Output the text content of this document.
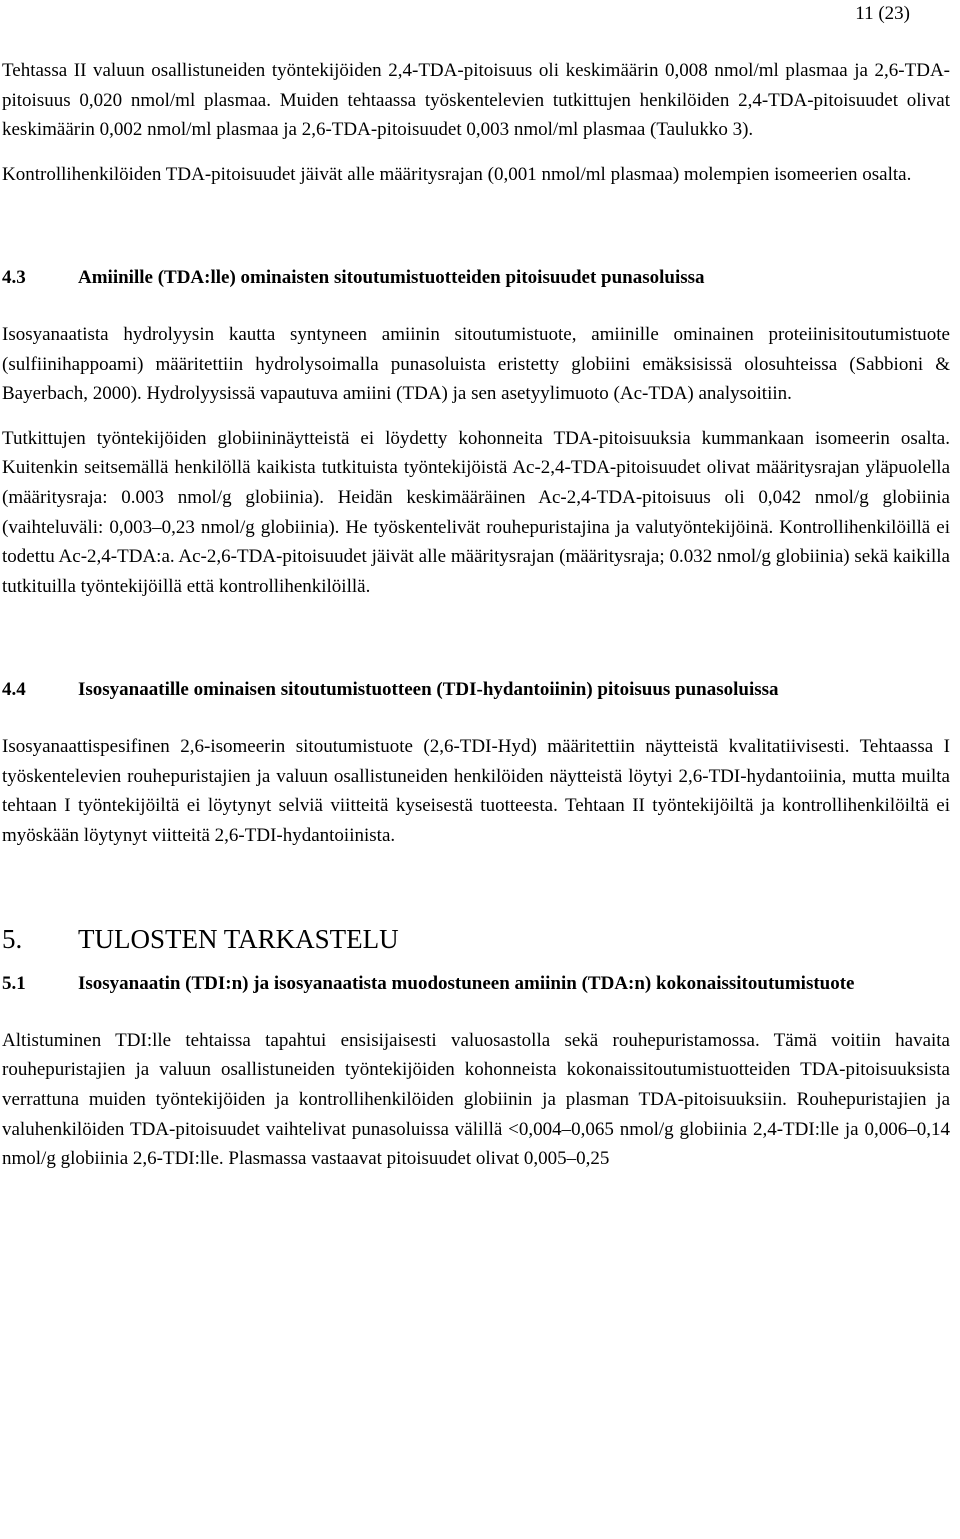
11 (23)

Tehtassa II valuun osallistuneiden työntekijöiden 2,4-TDA-pitoisuus oli keskimäärin 0,008 nmol/ml plasmaa ja 2,6-TDA-pitoisuus 0,020 nmol/ml plasmaa. Muiden tehtaassa työskentelevien tutkittujen henkilöiden 2,4-TDA-pitoisuudet olivat keskimäärin 0,002 nmol/ml plasmaa ja 2,6-TDA-pitoisuudet 0,003 nmol/ml plasmaa (Taulukko 3).

Kontrollihenkilöiden TDA-pitoisuudet jäivät alle määritysrajan (0,001 nmol/ml plasmaa) molempien isomeerien osalta.

4.3	Amiinille (TDA:lle) ominaisten sitoutumistuotteiden pitoisuudet punasoluissa

Isosyanaatista hydrolyysin kautta syntyneen amiinin sitoutumistuote, amiinille ominainen proteiinisitoutumistuote (sulfiinihappoami) määritettiin hydrolysoimalla punasoluista eristetty globiini emäksisissä olosuhteissa (Sabbioni & Bayerbach, 2000). Hydrolyysissä vapautuva amiini (TDA) ja sen asetyylimuoto (Ac-TDA) analysoitiin.

Tutkittujen työntekijöiden globiininäytteistä ei löydetty kohonneita TDA-pitoisuuksia kummankaan isomeerin osalta. Kuitenkin seitsemällä henkilöllä kaikista tutkituista työntekijöistä Ac-2,4-TDA-pitoisuudet olivat määritysrajan yläpuolella (määritysraja: 0.003 nmol/g globiinia). Heidän keskimääräinen Ac-2,4-TDA-pitoisuus oli 0,042 nmol/g globiinia (vaihteluväli: 0,003–0,23 nmol/g globiinia). He työskentelivät rouhepuristajina ja valutyöntekijöinä. Kontrollihenkilöillä ei todettu Ac-2,4-TDA:a. Ac-2,6-TDA-pitoisuudet jäivät alle määritysrajan (määritysraja; 0.032 nmol/g globiinia) sekä kaikilla tutkituilla työntekijöillä että kontrollihenkilöillä.

4.4	Isosyanaatille ominaisen sitoutumistuotteen (TDI-hydantoiinin) pitoisuus punasoluissa

Isosyanaattispesifinen 2,6-isomeerin sitoutumistuote (2,6-TDI-Hyd) määritettiin näytteistä kvalitatiivisesti. Tehtaassa I työskentelevien rouhepuristajien ja valuun osallistuneiden henkilöiden näytteistä löytyi 2,6-TDI-hydantoiinia, mutta muilta tehtaan I työntekijöiltä ei löytynyt selviä viitteitä kyseisestä tuotteesta. Tehtaan II työntekijöiltä ja kontrollihenkilöiltä ei myöskään löytynyt viitteitä 2,6-TDI-hydantoiinista.

5.	TULOSTEN TARKASTELU
5.1	Isosyanaatin (TDI:n) ja isosyanaatista muodostuneen amiinin (TDA:n) kokonaissitoutumistuote

Altistuminen TDI:lle tehtaissa tapahtui ensisijaisesti valuosastolla sekä rouhepuristamossa. Tämä voitiin havaita rouhepuristajien ja valuun osallistuneiden työntekijöiden kohonneista kokonaissitoutumistuotteiden TDA-pitoisuuksista verrattuna muiden työntekijöiden ja kontrollihenkilöiden globiinin ja plasman TDA-pitoisuuksiin. Rouhepuristajien ja valuhenkilöiden TDA-pitoisuudet vaihtelivat punasoluissa välillä <0,004–0,065 nmol/g globiinia 2,4-TDI:lle ja 0,006–0,14 nmol/g globiinia 2,6-TDI:lle. Plasmassa vastaavat pitoisuudet olivat 0,005–0,25
